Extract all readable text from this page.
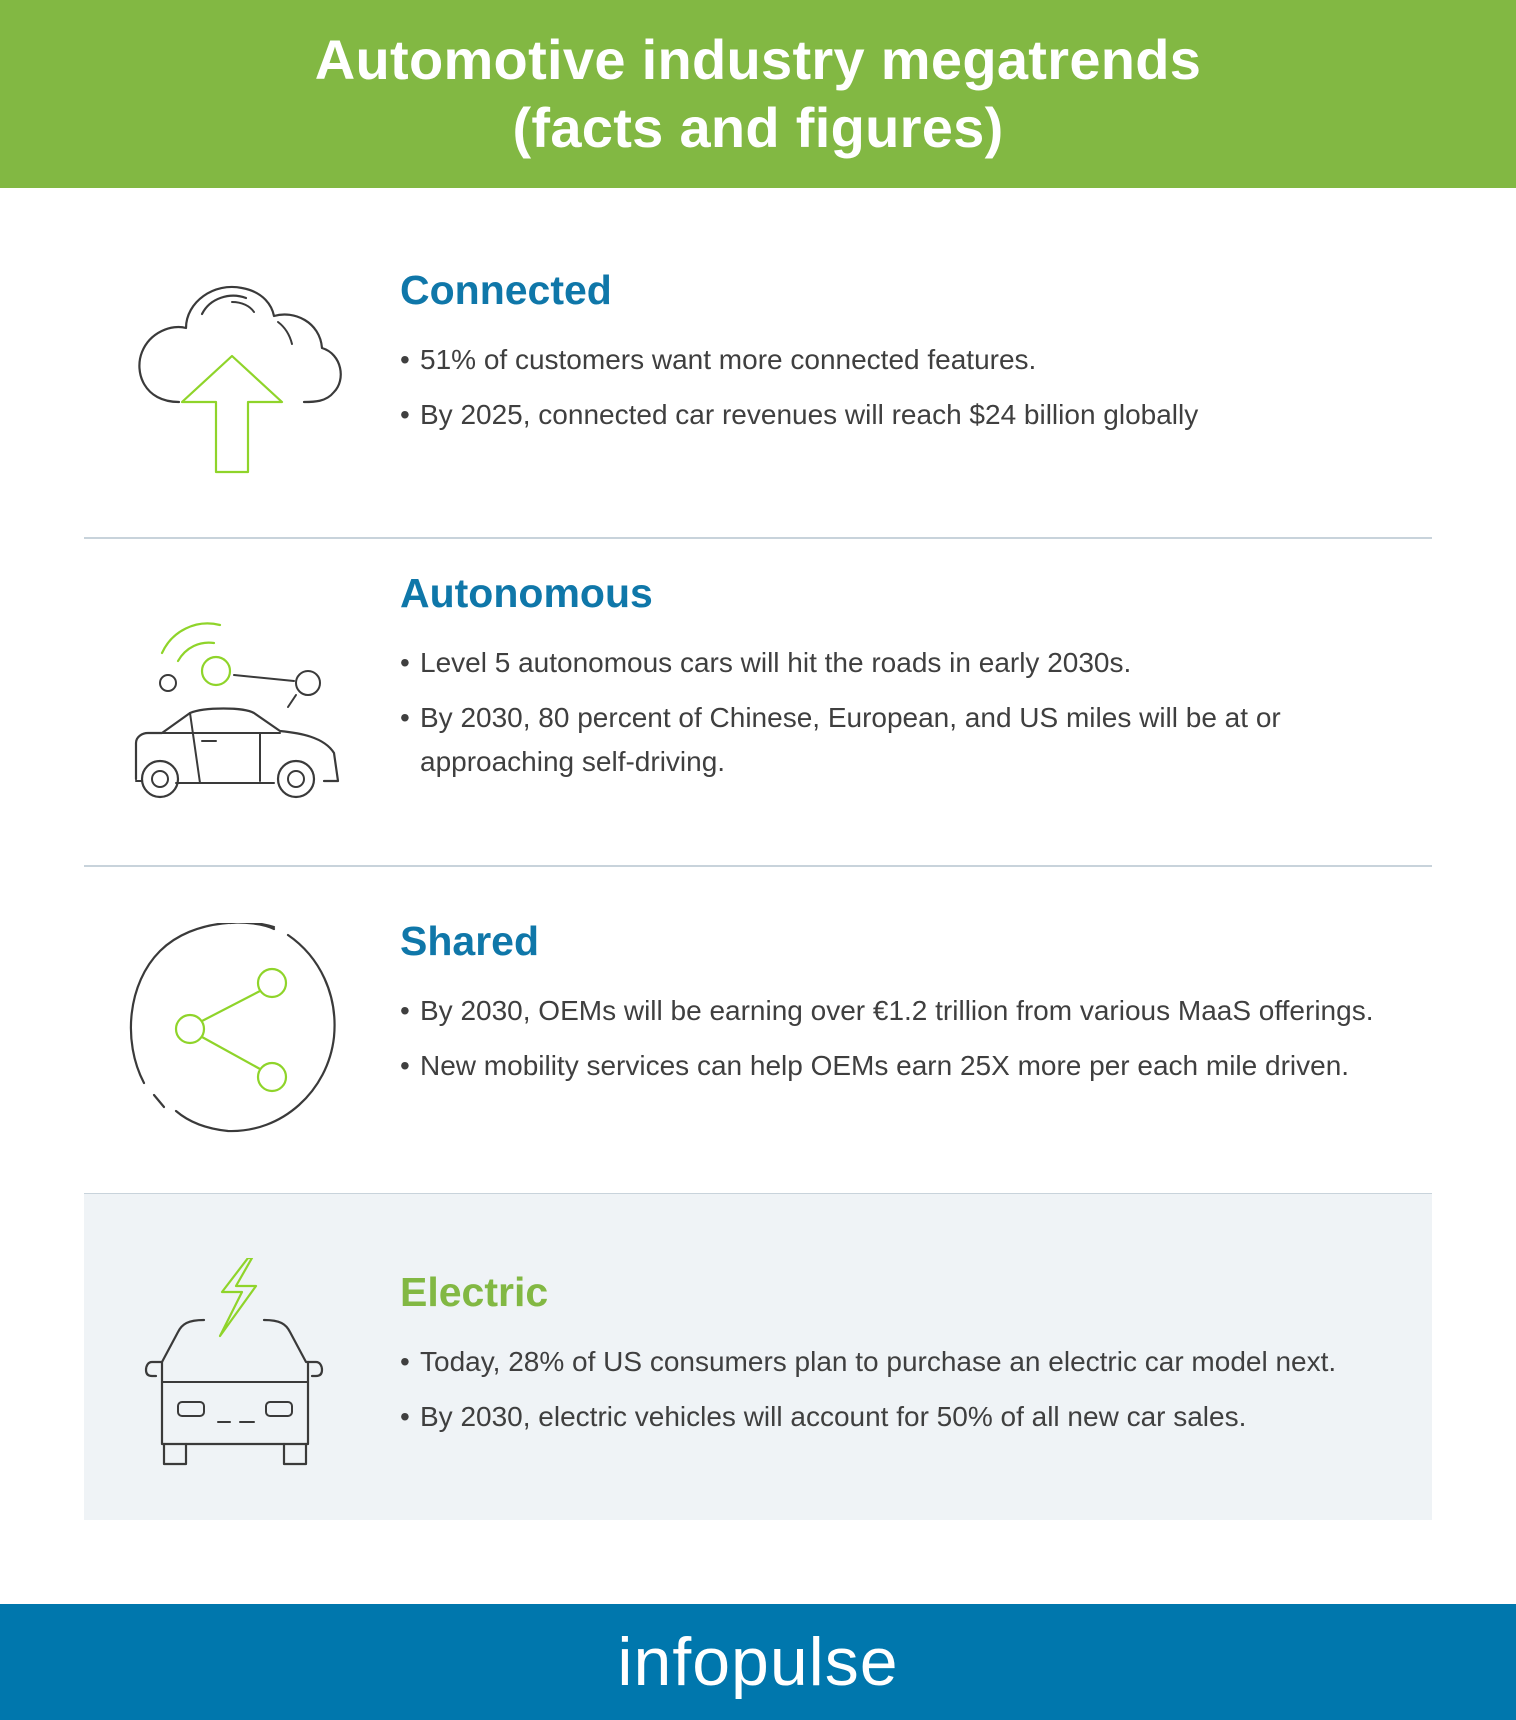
Automotive industry megatrends
(facts and figures)
Connected
• 51% of customers want more connected features.
• By 2025, connected car revenues will reach $24 billion globally
Autonomous
• Level 5 autonomous cars will hit the roads in early 2030s.
• By 2030, 80 percent of Chinese, European, and US miles will be at or approaching self-driving.
Shared
• By 2030, OEMs will be earning over €1.2 trillion from various MaaS offerings.
• New mobility services can help OEMs earn 25X more per each mile driven.
Electric
• Today, 28% of US consumers plan to purchase an electric car model next.
• By 2030, electric vehicles will account for 50% of all new car sales.
infopulse
